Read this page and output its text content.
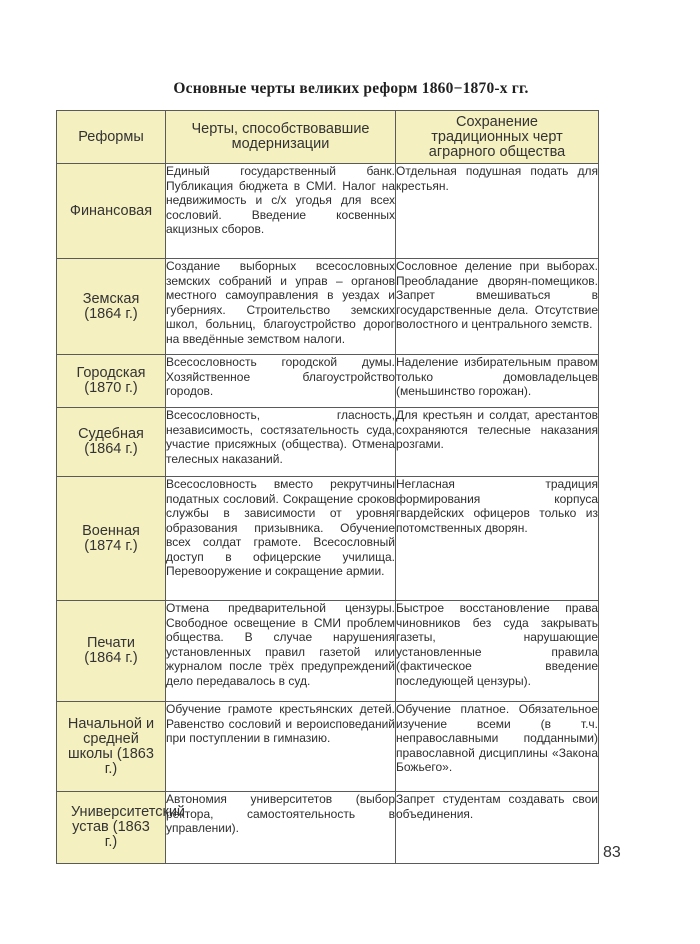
Основные черты великих реформ 1860−1870-х гг.
Реформы	Черты, способствовавшие модернизации	Сохранение традиционных черт аграрного общества
Финансовая	Единый государственный банк. Публикация бюджета в СМИ. Налог на недвижимость и с/х угодья для всех сословий. Введение косвенных акцизных сборов.	Отдельная подушная подать для крестьян.
Земская (1864 г.)	Создание выборных всесословных земских собраний и управ – органов местного самоуправления в уездах и губерниях. Строительство земских школ, больниц, благоустройство дорог на введённые земством налоги.	Сословное деление при выборах. Преобладание дворян-помещиков. Запрет вмешиваться в государственные дела. Отсутствие волостного и центрального земств.
Городская (1870 г.)	Всесословность городской думы. Хозяйственное благоустройство городов.	Наделение избирательным правом только домовладельцев (меньшинство горожан).
Судебная (1864 г.)	Всесословность, гласность, независимость, состязательность суда, участие присяжных (общества). Отмена телесных наказаний.	Для крестьян и солдат, арестантов сохраняются телесные наказания розгами.
Военная (1874 г.)	Всесословность вместо рекрутчины податных сословий. Сокращение сроков службы в зависимости от уровня образования призывника. Обучение всех солдат грамоте. Всесословный доступ в офицерские училища. Перевооружение и сокращение армии.	Негласная традиция формирования корпуса гвардейских офицеров только из потомственных дворян.
Печати (1864 г.)	Отмена предварительной цензуры. Свободное освещение в СМИ проблем общества. В случае нарушения установленных правил газетой или журналом после трёх предупреждений дело передавалось в суд.	Быстрое восстановление права чиновников без суда закрывать газеты, нарушающие установленные правила (фактическое введение последующей цензуры).
Начальной и средней школы (1863 г.)	Обучение грамоте крестьянских детей. Равенство сословий и вероисповеданий при поступлении в гимназию.	Обучение платное. Обязательное изучение всеми (в т.ч. неправославными подданными) православной дисциплины «Закона Божьего».
Университетский устав (1863 г.)	Автономия университетов (выбор ректора, самостоятельность в управлении).	Запрет студентам создавать свои объединения.
83
